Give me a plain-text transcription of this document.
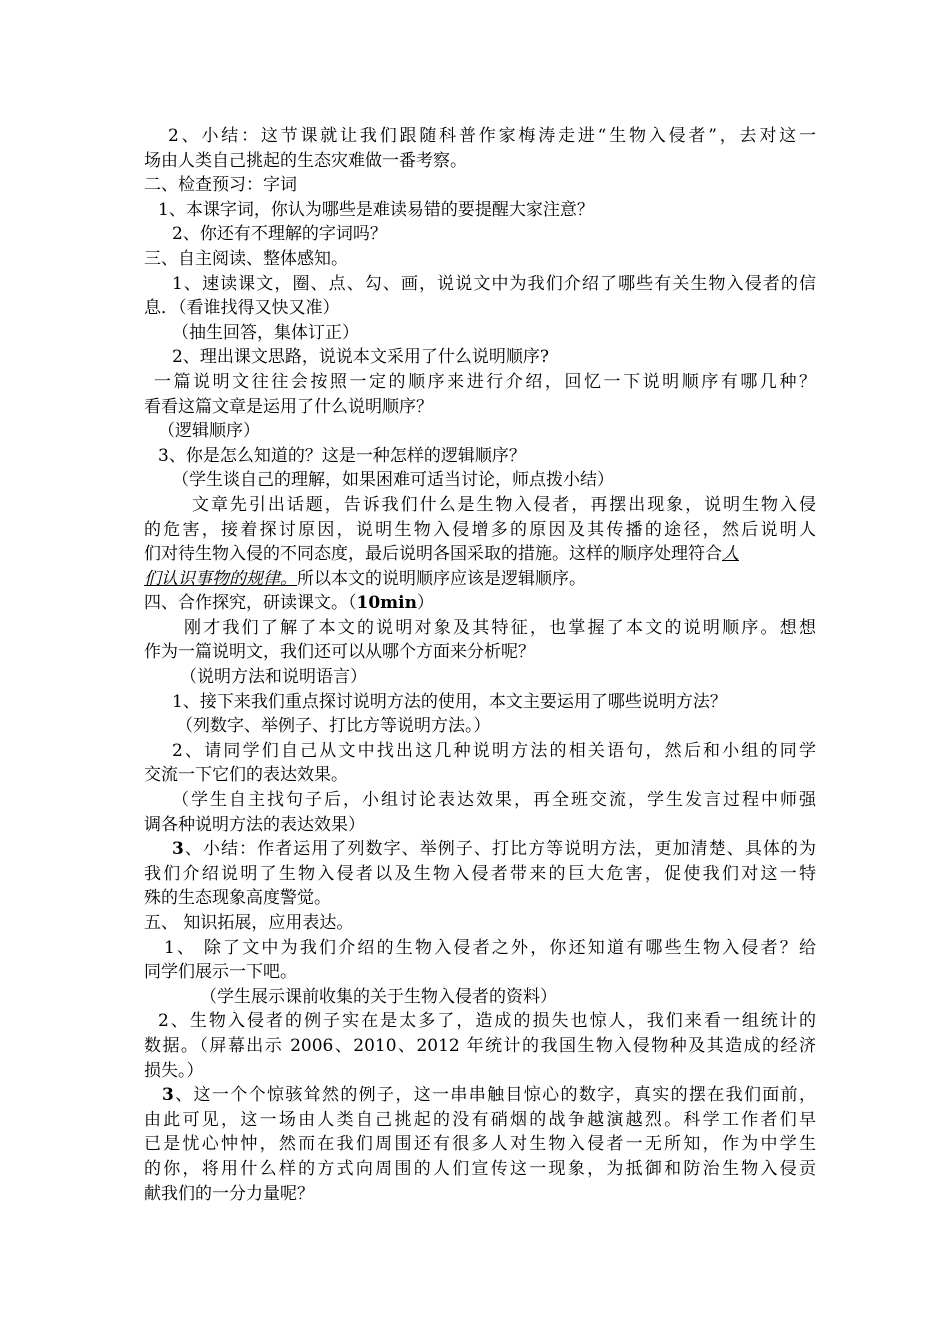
2、小结：这节课就让我们跟随科普作家梅涛走进“生物入侵者”，去对这一
场由人类自己挑起的生态灾难做一番考察。
二、检查预习：字词
1、本课字词，你认为哪些是难读易错的要提醒大家注意？
2、你还有不理解的字词吗？
三、自主阅读、整体感知。
1、速读课文，圈、点、勾、画，说说文中为我们介绍了哪些有关生物入侵者的信
息．（看谁找得又快又准）
（抽生回答，集体订正）
2、理出课文思路，说说本文采用了什么说明顺序?
一篇说明文往往会按照一定的顺序来进行介绍，回忆一下说明顺序有哪几种？
看看这篇文章是运用了什么说明顺序？
（逻辑顺序）
3、你是怎么知道的？这是一种怎样的逻辑顺序？
（学生谈自己的理解，如果困难可适当讨论，师点拨小结）
文章先引出话题，告诉我们什么是生物入侵者，再摆出现象，说明生物入侵
的危害，接着探讨原因，说明生物入侵增多的原因及其传播的途径，然后说明人
们对待生物入侵的不同态度，最后说明各国采取的措施。这样的顺序处理符合人
们认识事物的规律。所以本文的说明顺序应该是逻辑顺序。
四、合作探究，研读课文。（10min）
刚才我们了解了本文的说明对象及其特征，也掌握了本文的说明顺序。想想
作为一篇说明文，我们还可以从哪个方面来分析呢？
（说明方法和说明语言）
1、接下来我们重点探讨说明方法的使用，本文主要运用了哪些说明方法？
（列数字、举例子、打比方等说明方法。）
2、请同学们自己从文中找出这几种说明方法的相关语句，然后和小组的同学
交流一下它们的表达效果。
（学生自主找句子后，小组讨论表达效果，再全班交流，学生发言过程中师强
调各种说明方法的表达效果）
3、小结：作者运用了列数字、举例子、打比方等说明方法，更加清楚、具体的为
我们介绍说明了生物入侵者以及生物入侵者带来的巨大危害，促使我们对这一特
殊的生态现象高度警觉。
五、 知识拓展，应用表达。
1、 除了文中为我们介绍的生物入侵者之外，你还知道有哪些生物入侵者？给
同学们展示一下吧。
（学生展示课前收集的关于生物入侵者的资料）
2、生物入侵者的例子实在是太多了，造成的损失也惊人，我们来看一组统计的
数据。（屏幕出示 2006、2010、2012 年统计的我国生物入侵物种及其造成的经济
损失。）
3、这一个个惊骇耸然的例子，这一串串触目惊心的数字，真实的摆在我们面前，
由此可见，这一场由人类自己挑起的没有硝烟的战争越演越烈。科学工作者们早
已是忧心忡忡，然而在我们周围还有很多人对生物入侵者一无所知，作为中学生
的你，将用什么样的方式向周围的人们宣传这一现象，为抵御和防治生物入侵贡
献我们的一分力量呢？
